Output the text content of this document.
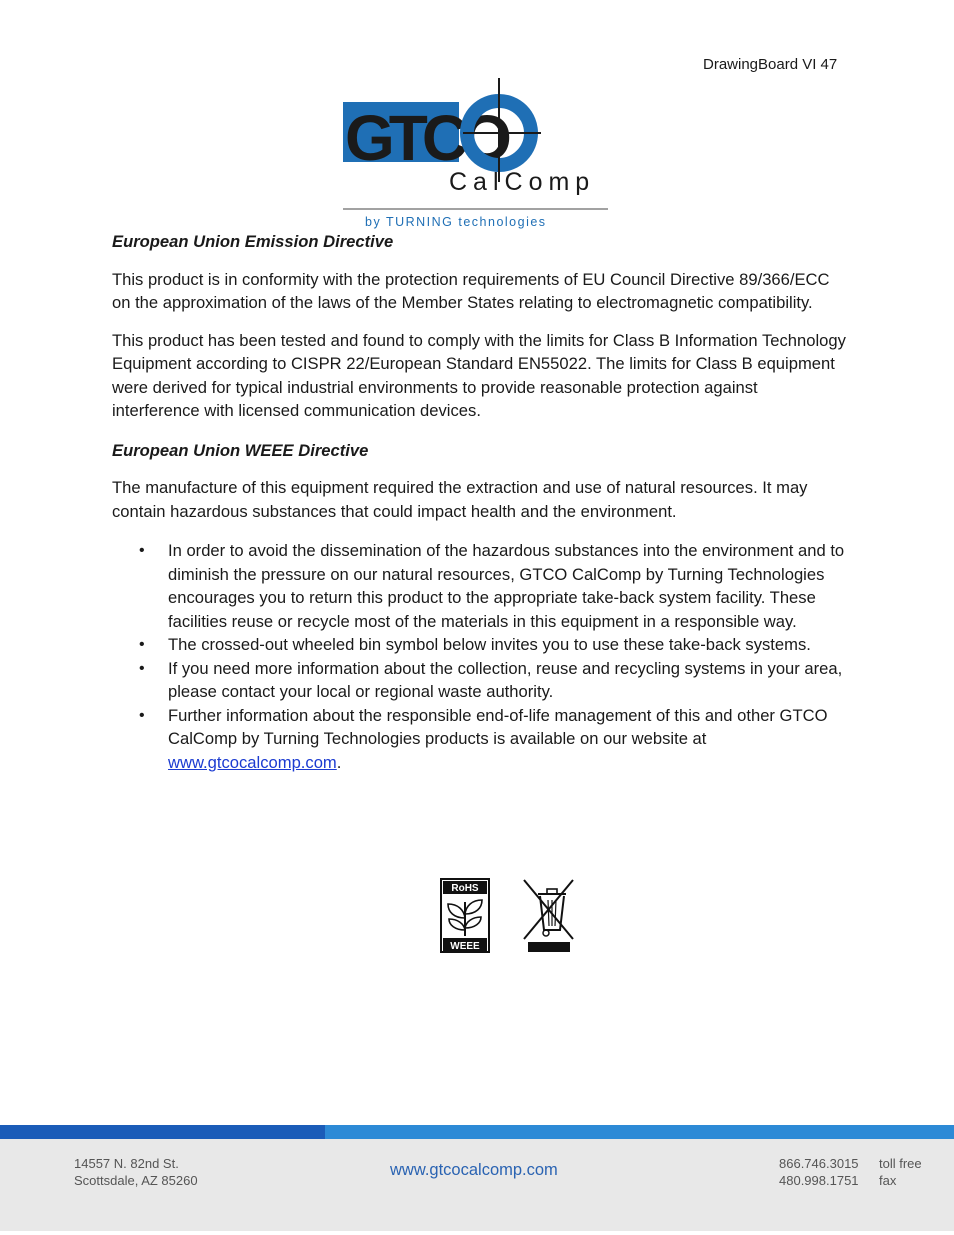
DrawingBoard VI 47
GTCO
CalComp
by TURNING technologies
European Union Emission Directive

This product is in conformity with the protection requirements of EU Council Directive 89/366/ECC on the approximation of the laws of the Member States relating to electromagnetic compatibility.

This product has been tested and found to comply with the limits for Class B Information Technology Equipment according to CISPR 22/European Standard EN55022. The limits for Class B equipment were derived for typical industrial environments to provide reasonable protection against interference with licensed communication devices.

European Union WEEE Directive

The manufacture of this equipment required the extraction and use of natural resources. It may contain hazardous substances that could impact health and the environment.

• In order to avoid the dissemination of the hazardous substances into the environment and to diminish the pressure on our natural resources, GTCO CalComp by Turning Technologies encourages you to return this product to the appropriate take-back system facility. These facilities reuse or recycle most of the materials in this equipment in a responsible way.
• The crossed-out wheeled bin symbol below invites you to use these take-back systems.
• If you need more information about the collection, reuse and recycling systems in your area, please contact your local or regional waste authority.
• Further information about the responsible end-of-life management of this and other GTCO CalComp by Turning Technologies products is available on our website at www.gtcocalcomp.com.
RoHS
WEEE
14557 N. 82nd St.
Scottsdale, AZ 85260
www.gtcocalcomp.com	866.746.3015	toll free
480.998.1751	fax
